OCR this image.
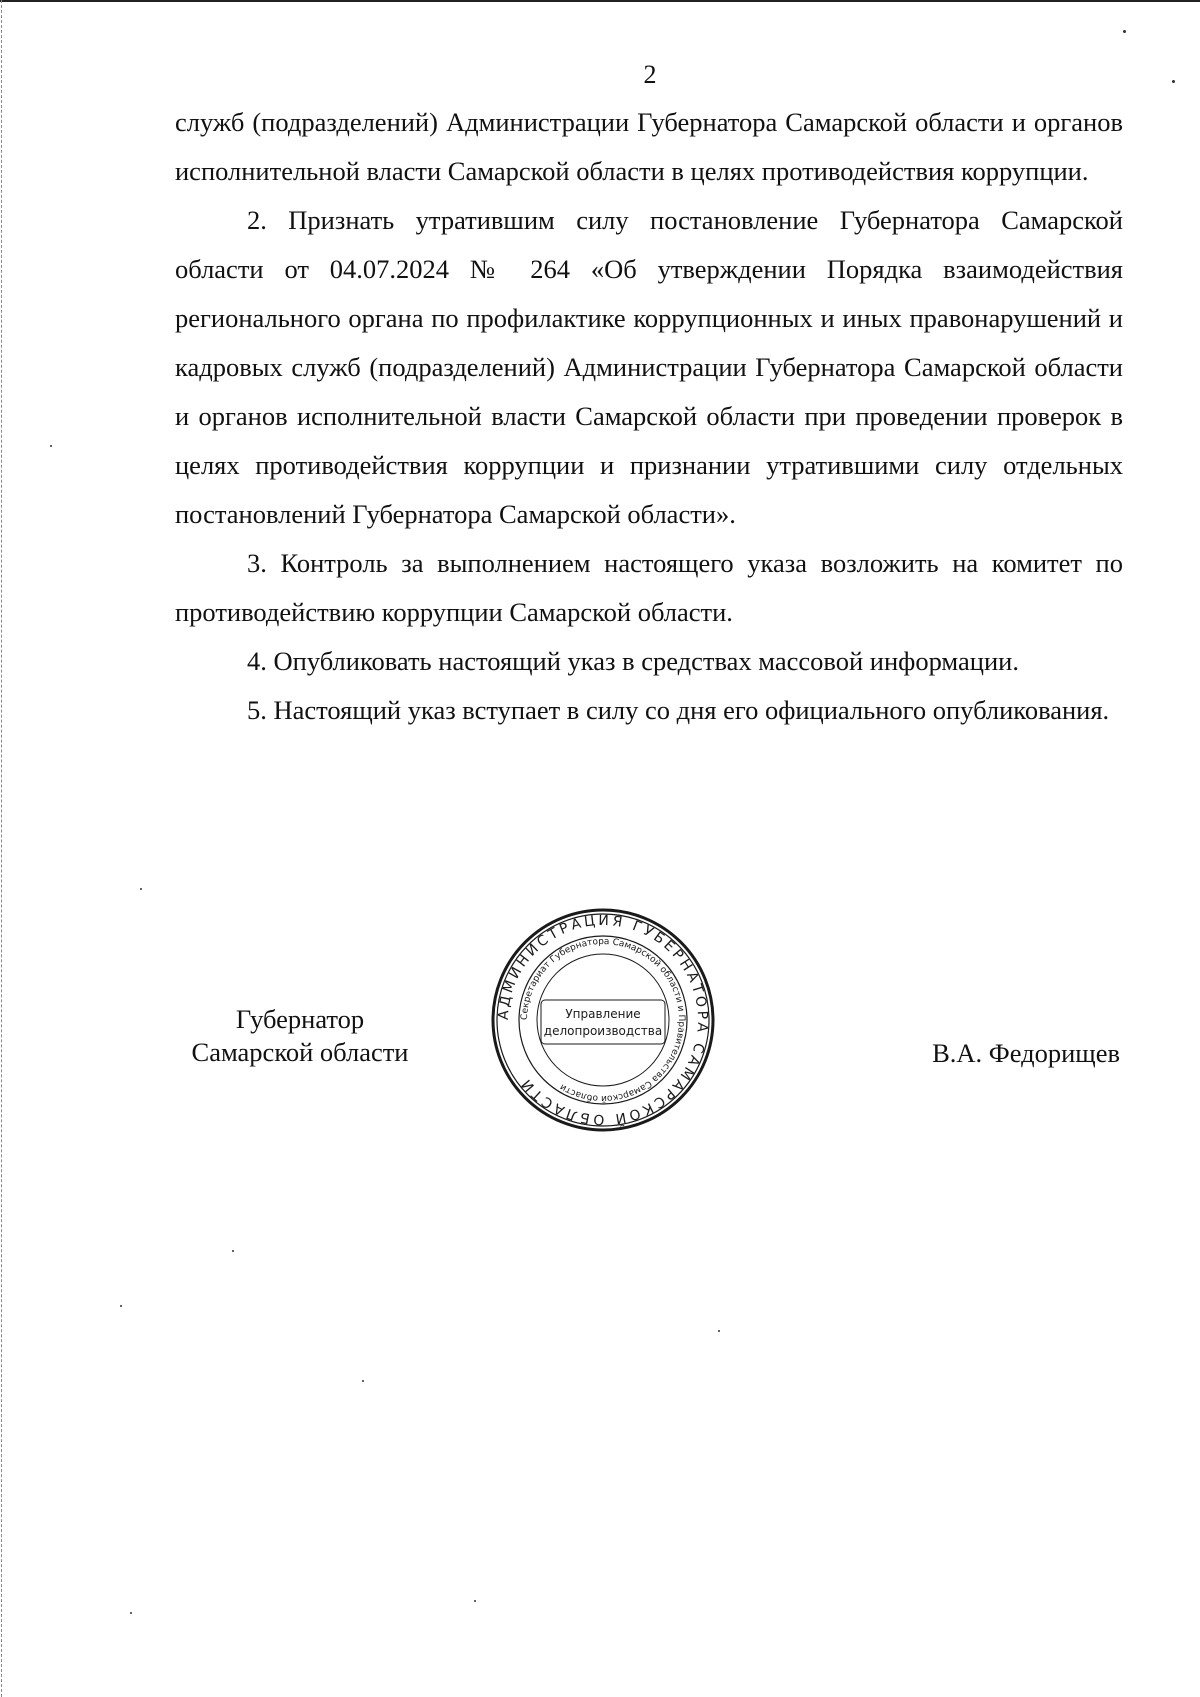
2

служб (подразделений) Администрации Губернатора Самарской области и органов исполнительной власти Самарской области в целях противодействия коррупции.

2. Признать утратившим силу постановление Губернатора Самарской области от 04.07.2024 № 264 «Об утверждении Порядка взаимодействия регионального органа по профилактике коррупционных и иных правонарушений и кадровых служб (подразделений) Администрации Губернатора Самарской области и органов исполнительной власти Самарской области при проведении проверок в целях противодействия коррупции и признании утратившими силу отдельных постановлений Губернатора Самарской области».

3. Контроль за выполнением настоящего указа возложить на комитет по противодействию коррупции Самарской области.

4. Опубликовать настоящий указ в средствах массовой информации.

5. Настоящий указ вступает в силу со дня его официального опубликования.

Губернатор
Самарской области	В.А. Федорищев
АДМИНИСТРАЦИЯ ГУБЕРНАТОРА САМАРСКОЙ ОБЛАСТИ
Секретариат Губернатора Самарской области и Правительства Самарской области
Управление
делопроизводства
